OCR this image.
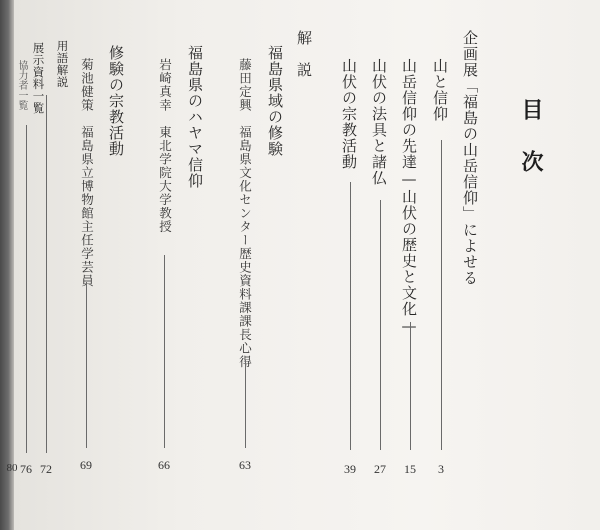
目次
企画展「福島の山岳信仰」によせる
山と信仰
3
山岳信仰の先達—山伏の歴史と文化—
15
山伏の法具と諸仏
27
山伏の宗教活動
39
解　説
福島県域の修験
藤田定興　福島県文化センター歴史資料課課長心得
63
福島県のハヤマ信仰
岩崎真幸　東北学院大学教授
66
修験の宗教活動
菊池健策　福島県立博物館主任学芸員
69
用語解説
72
展示資料一覧
76
協力者一覧
80
